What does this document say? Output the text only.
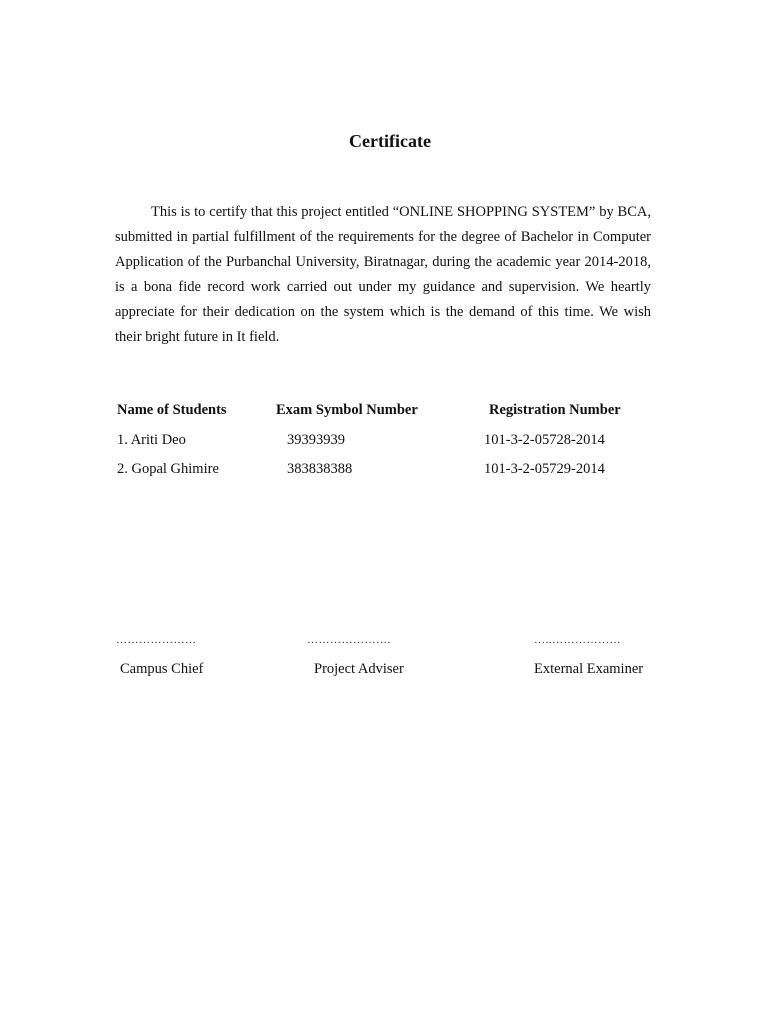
Certificate

This is to certify that this project entitled “ONLINE SHOPPING SYSTEM” by BCA, submitted in partial fulfillment of the requirements for the degree of Bachelor in Computer Application of the Purbanchal University, Biratnagar, during the academic year 2014-2018, is a bona fide record work carried out under my guidance and supervision. We heartly appreciate for their dedication on the system which is the demand of this time. We wish their bright future in It field.

Name of Students	Exam Symbol Number	Registration Number
1. Ariti Deo	39393939	101-3-2-05728-2014
2. Gopal Ghimire	383838388	101-3-2-05729-2014
…………………	………………….	…..………………
Campus Chief	Project Adviser	External Examiner
